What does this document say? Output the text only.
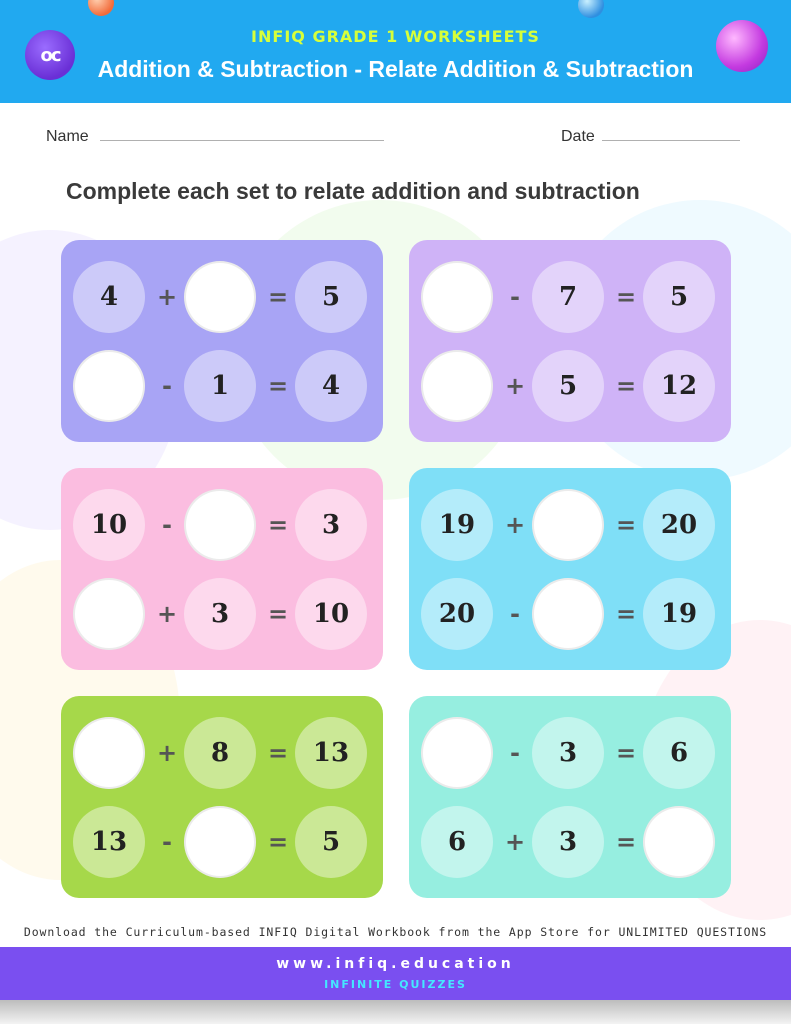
oc
INFIQ GRADE 1 WORKSHEETS
Addition & Subtraction - Relate Addition & Subtraction
Name	Date
Complete each set to relate addition and subtraction
4	5
+	=
1	4
-	=
7	5
-	=
5	12
+	=
10	3
-	=
3	10
+	=
19	20
+	=
20	19
-	=
8	13
+	=
13	5
-	=
3	6
-	=
6	3
+	=
Download the Curriculum-based INFIQ Digital Workbook from the App Store for UNLIMITED QUESTIONS
www.infiq.education
INFINITE QUIZZES
